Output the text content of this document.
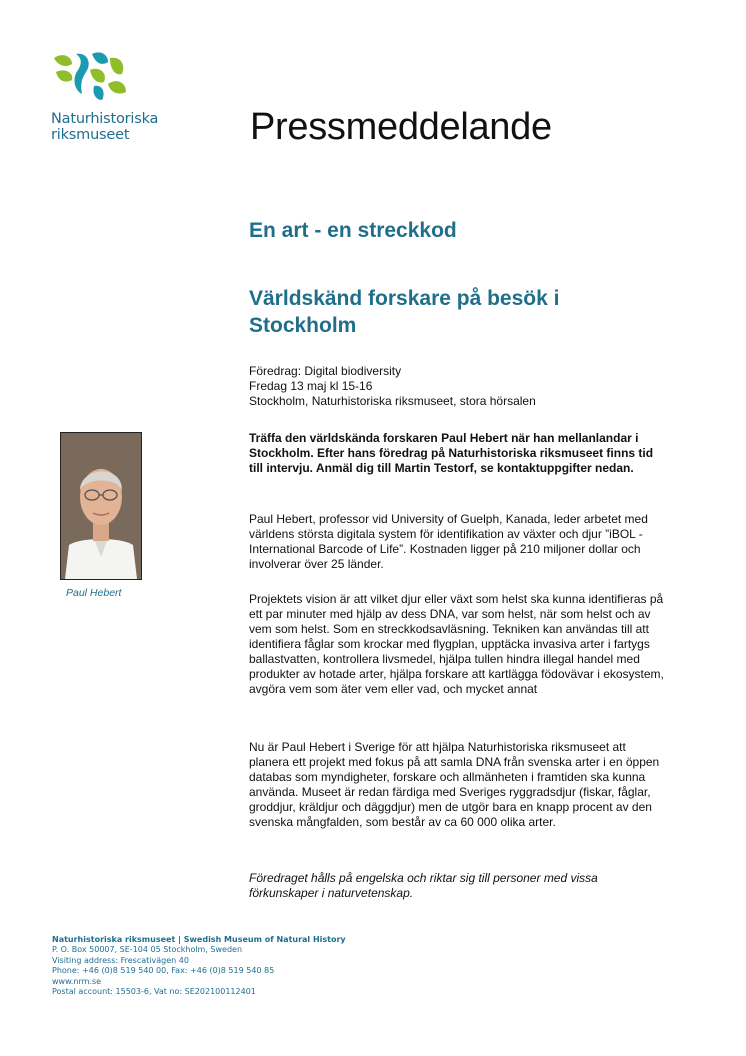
Naturhistoriska
riksmuseet	Pressmeddelande
En art - en streckkod
Världskänd forskare på besök i Stockholm
Föredrag: Digital biodiversity
Fredag 13 maj kl 15-16
Stockholm, Naturhistoriska riksmuseet, stora hörsalen
Paul Hebert

Träffa den världskända forskaren Paul Hebert när han mellanlandar i Stockholm. Efter hans föredrag på Naturhistoriska riksmuseet finns tid till intervju. Anmäl dig till Martin Testorf, se kontaktuppgifter nedan.

Paul Hebert, professor vid University of Guelph, Kanada, leder arbetet med världens största digitala system för identifikation av växter och djur ”iBOL - International Barcode of Life”. Kostnaden ligger på 210 miljoner dollar och involverar över 25 länder.

Projektets vision är att vilket djur eller växt som helst ska kunna identifieras på ett par minuter med hjälp av dess DNA, var som helst, när som helst och av vem som helst. Som en streckkodsavläsning. Tekniken kan användas till att identifiera fåglar som krockar med flygplan, upptäcka invasiva arter i fartygs ballastvatten, kontrollera livsmedel, hjälpa tullen hindra illegal handel med produkter av hotade arter, hjälpa forskare att kartlägga födovävar i ekosystem, avgöra vem som äter vem eller vad, och mycket annat

Nu är Paul Hebert i Sverige för att hjälpa Naturhistoriska riksmuseet att planera ett projekt med fokus på att samla DNA från svenska arter i en öppen databas som myndigheter, forskare och allmänheten i framtiden ska kunna använda. Museet är redan färdiga med Sveriges ryggradsdjur (fiskar, fåglar, groddjur, kräldjur och däggdjur) men de utgör bara en knapp procent av den svenska mångfalden, som består av ca 60 000 olika arter.

Föredraget hålls på engelska och riktar sig till personer med vissa förkunskaper i naturvetenskap.

Naturhistoriska riksmuseet | Swedish Museum of Natural History
P. O. Box 50007, SE-104 05 Stockholm, Sweden
Visiting address: Frescativägen 40
Phone: +46 (0)8 519 540 00, Fax: +46 (0)8 519 540 85
www.nrm.se
Postal account: 15503-6, Vat no: SE202100112401
